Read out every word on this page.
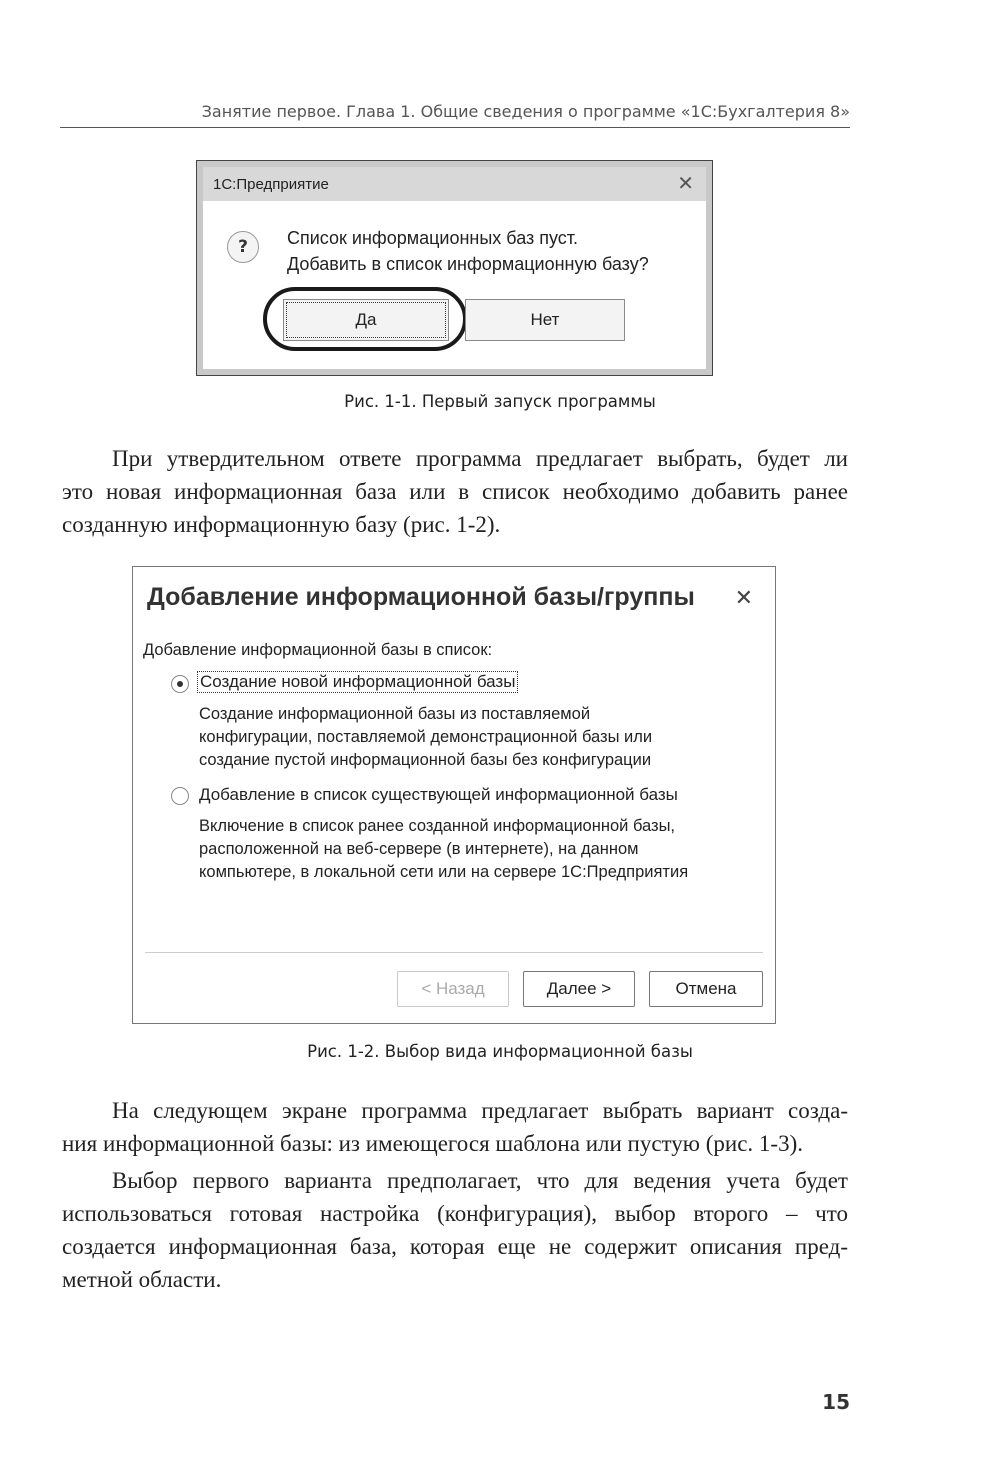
Занятие первое. Глава 1. Общие сведения о программе «1С:Бухгалтерия 8»
1С:Предприятие	✕
?	Список информационных баз пуст.
Добавить в список информационную базу?
Да	Нет
Рис. 1-1. Первый запуск программы
При утвердительном ответе программа предлагает выбрать, будет ли
это новая информационная база или в список необходимо добавить ранее
созданную информационную базу (рис. 1-2).
Добавление информационной базы/группы ✕
Добавление информационной базы в список:
Создание новой информационной базы
Создание информационной базы из поставляемой
конфигурации, поставляемой демонстрационной базы или
создание пустой информационной базы без конфигурации
Добавление в список существующей информационной базы
Включение в список ранее созданной информационной базы,
расположенной на веб-сервере (в интернете), на данном
компьютере, в локальной сети или на сервере 1С:Предприятия
< Назад	Далее >	Отмена
Рис. 1-2. Выбор вида информационной базы
На следующем экране программа предлагает выбрать вариант созда-
ния информационной базы: из имеющегося шаблона или пустую (рис. 1-3).
Выбор первого варианта предполагает, что для ведения учета будет
использоваться готовая настройка (конфигурация), выбор второго – что
создается информационная база, которая еще не содержит описания пред-
метной области.
15
